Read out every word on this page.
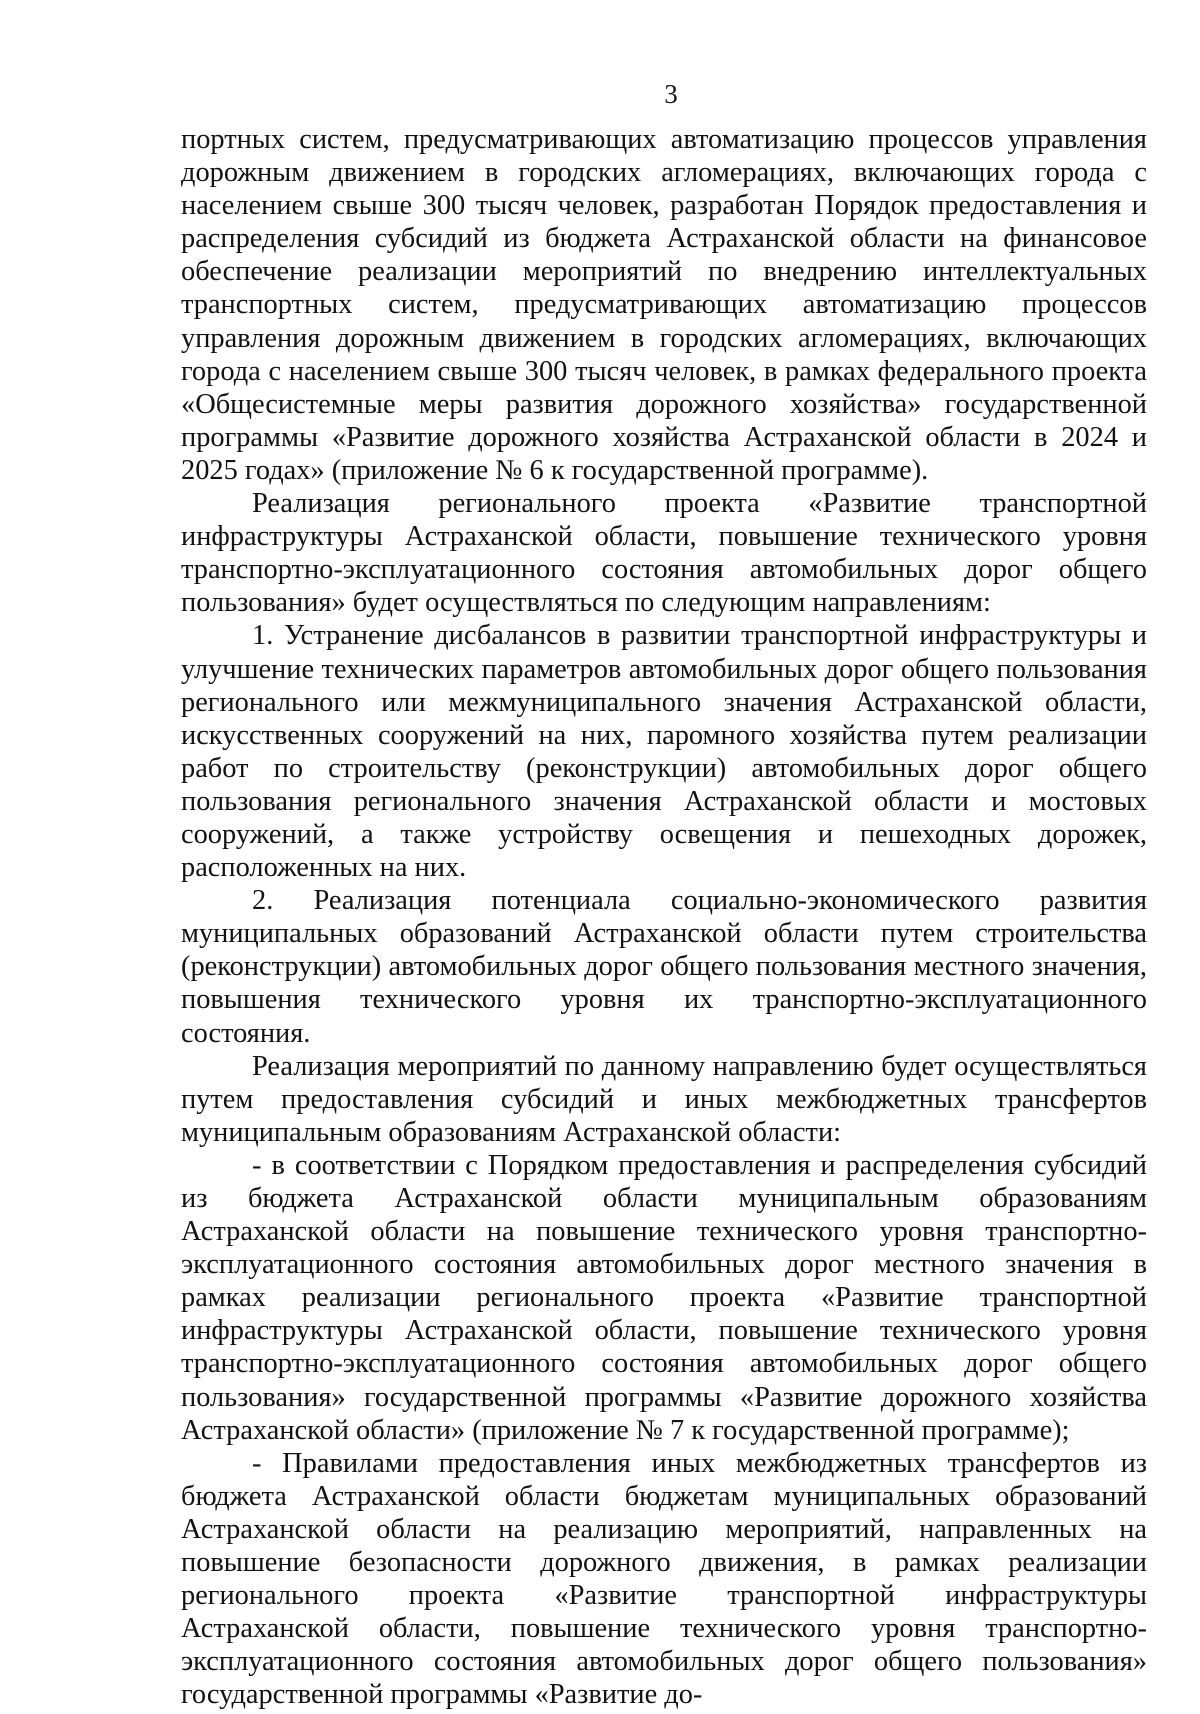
3

портных систем, предусматривающих автоматизацию процессов управления дорожным движением в городских агломерациях, включающих города с населением свыше 300 тысяч человек, разработан Порядок предоставления и распределения субсидий из бюджета Астраханской области на финансовое обеспечение реализации мероприятий по внедрению интеллектуальных транспортных систем, предусматривающих автоматизацию процессов управления дорожным движением в городских агломерациях, включающих города с населением свыше 300 тысяч человек, в рамках федерального проекта «Общесистемные меры развития дорожного хозяйства» государственной программы «Развитие дорожного хозяйства Астраханской области в 2024 и 2025 годах» (приложение № 6 к государственной программе).

Реализация регионального проекта «Развитие транспортной инфраструктуры Астраханской области, повышение технического уровня транспортно-эксплуатационного состояния автомобильных дорог общего пользования» будет осуществляться по следующим направлениям:

1. Устранение дисбалансов в развитии транспортной инфраструктуры и улучшение технических параметров автомобильных дорог общего пользования регионального или межмуниципального значения Астраханской области, искусственных сооружений на них, паромного хозяйства путем реализации работ по строительству (реконструкции) автомобильных дорог общего пользования регионального значения Астраханской области и мостовых сооружений, а также устройству освещения и пешеходных дорожек, расположенных на них.

2. Реализация потенциала социально-экономического развития муниципальных образований Астраханской области путем строительства (реконструкции) автомобильных дорог общего пользования местного значения, повышения технического уровня их транспортно-эксплуатационного состояния.

Реализация мероприятий по данному направлению будет осуществляться путем предоставления субсидий и иных межбюджетных трансфертов муниципальным образованиям Астраханской области:

- в соответствии с Порядком предоставления и распределения субсидий из бюджета Астраханской области муниципальным образованиям Астраханской области на повышение технического уровня транспортно-эксплуатационного состояния автомобильных дорог местного значения в рамках реализации регионального проекта «Развитие транспортной инфраструктуры Астраханской области, повышение технического уровня транспортно-эксплуатационного состояния автомобильных дорог общего пользования» государственной программы «Развитие дорожного хозяйства Астраханской области» (приложение № 7 к государственной программе);

- Правилами предоставления иных межбюджетных трансфертов из бюджета Астраханской области бюджетам муниципальных образований Астраханской области на реализацию мероприятий, направленных на повышение безопасности дорожного движения, в рамках реализации регионального проекта «Развитие транспортной инфраструктуры Астраханской области, повышение технического уровня транспортно-эксплуатационного состояния автомобильных дорог общего пользования» государственной программы «Развитие до-
